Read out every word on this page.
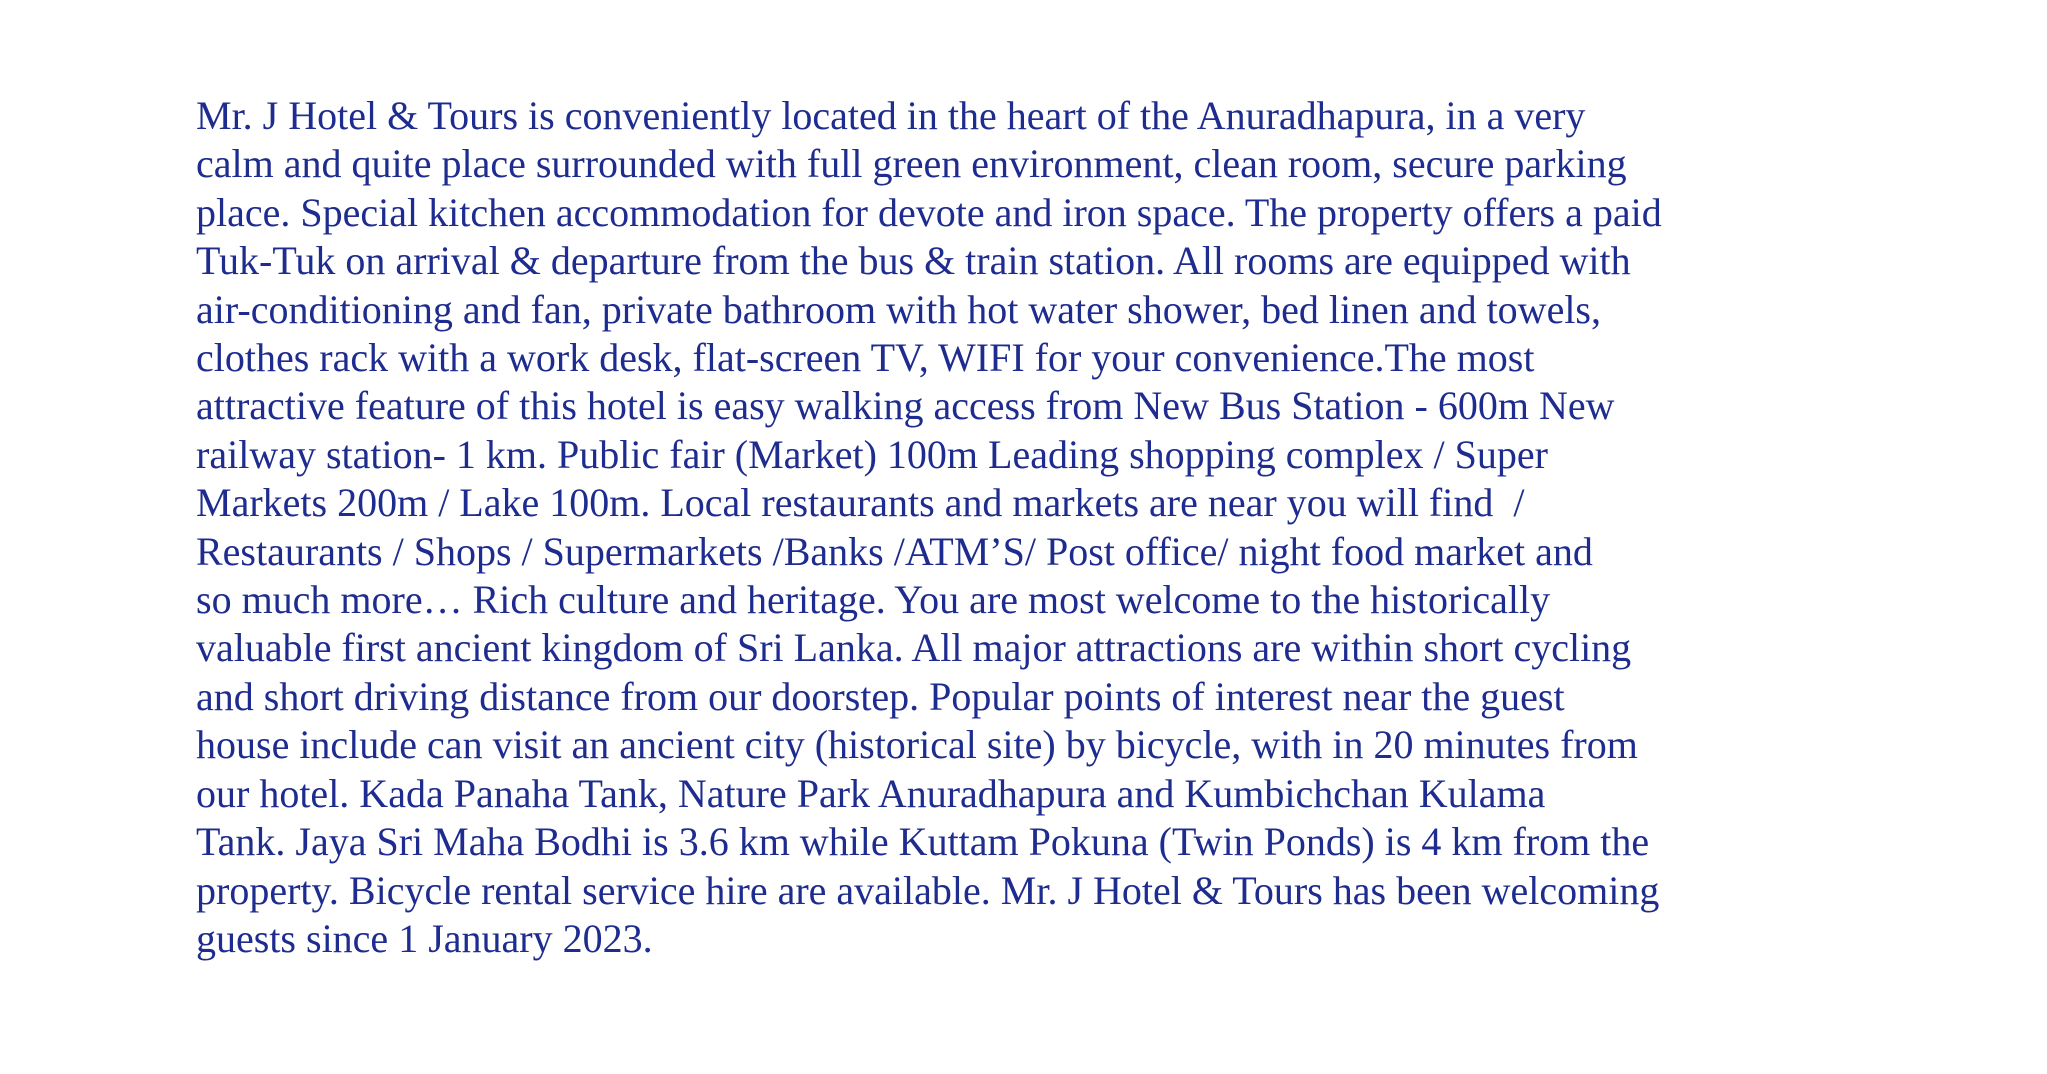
Mr. J Hotel & Tours is conveniently located in the heart of the Anuradhapura, in a very
calm and quite place surrounded with full green environment, clean room, secure parking
place. Special kitchen accommodation for devote and iron space. The property offers a paid
Tuk-Tuk on arrival & departure from the bus & train station. All rooms are equipped with
air-conditioning and fan, private bathroom with hot water shower, bed linen and towels,
clothes rack with a work desk, flat-screen TV, WIFI for your convenience.The most
attractive feature of this hotel is easy walking access from New Bus Station - 600m New
railway station- 1 km. Public fair (Market) 100m Leading shopping complex / Super
Markets 200m / Lake 100m. Local restaurants and markets are near you will find  /
Restaurants / Shops / Supermarkets /Banks /ATM’S/ Post office/ night food market and
so much more… Rich culture and heritage. You are most welcome to the historically
valuable first ancient kingdom of Sri Lanka. All major attractions are within short cycling
and short driving distance from our doorstep. Popular points of interest near the guest
house include can visit an ancient city (historical site) by bicycle, with in 20 minutes from
our hotel. Kada Panaha Tank, Nature Park Anuradhapura and Kumbichchan Kulama
Tank. Jaya Sri Maha Bodhi is 3.6 km while Kuttam Pokuna (Twin Ponds) is 4 km from the
property. Bicycle rental service hire are available. Mr. J Hotel & Tours has been welcoming
guests since 1 January 2023.
